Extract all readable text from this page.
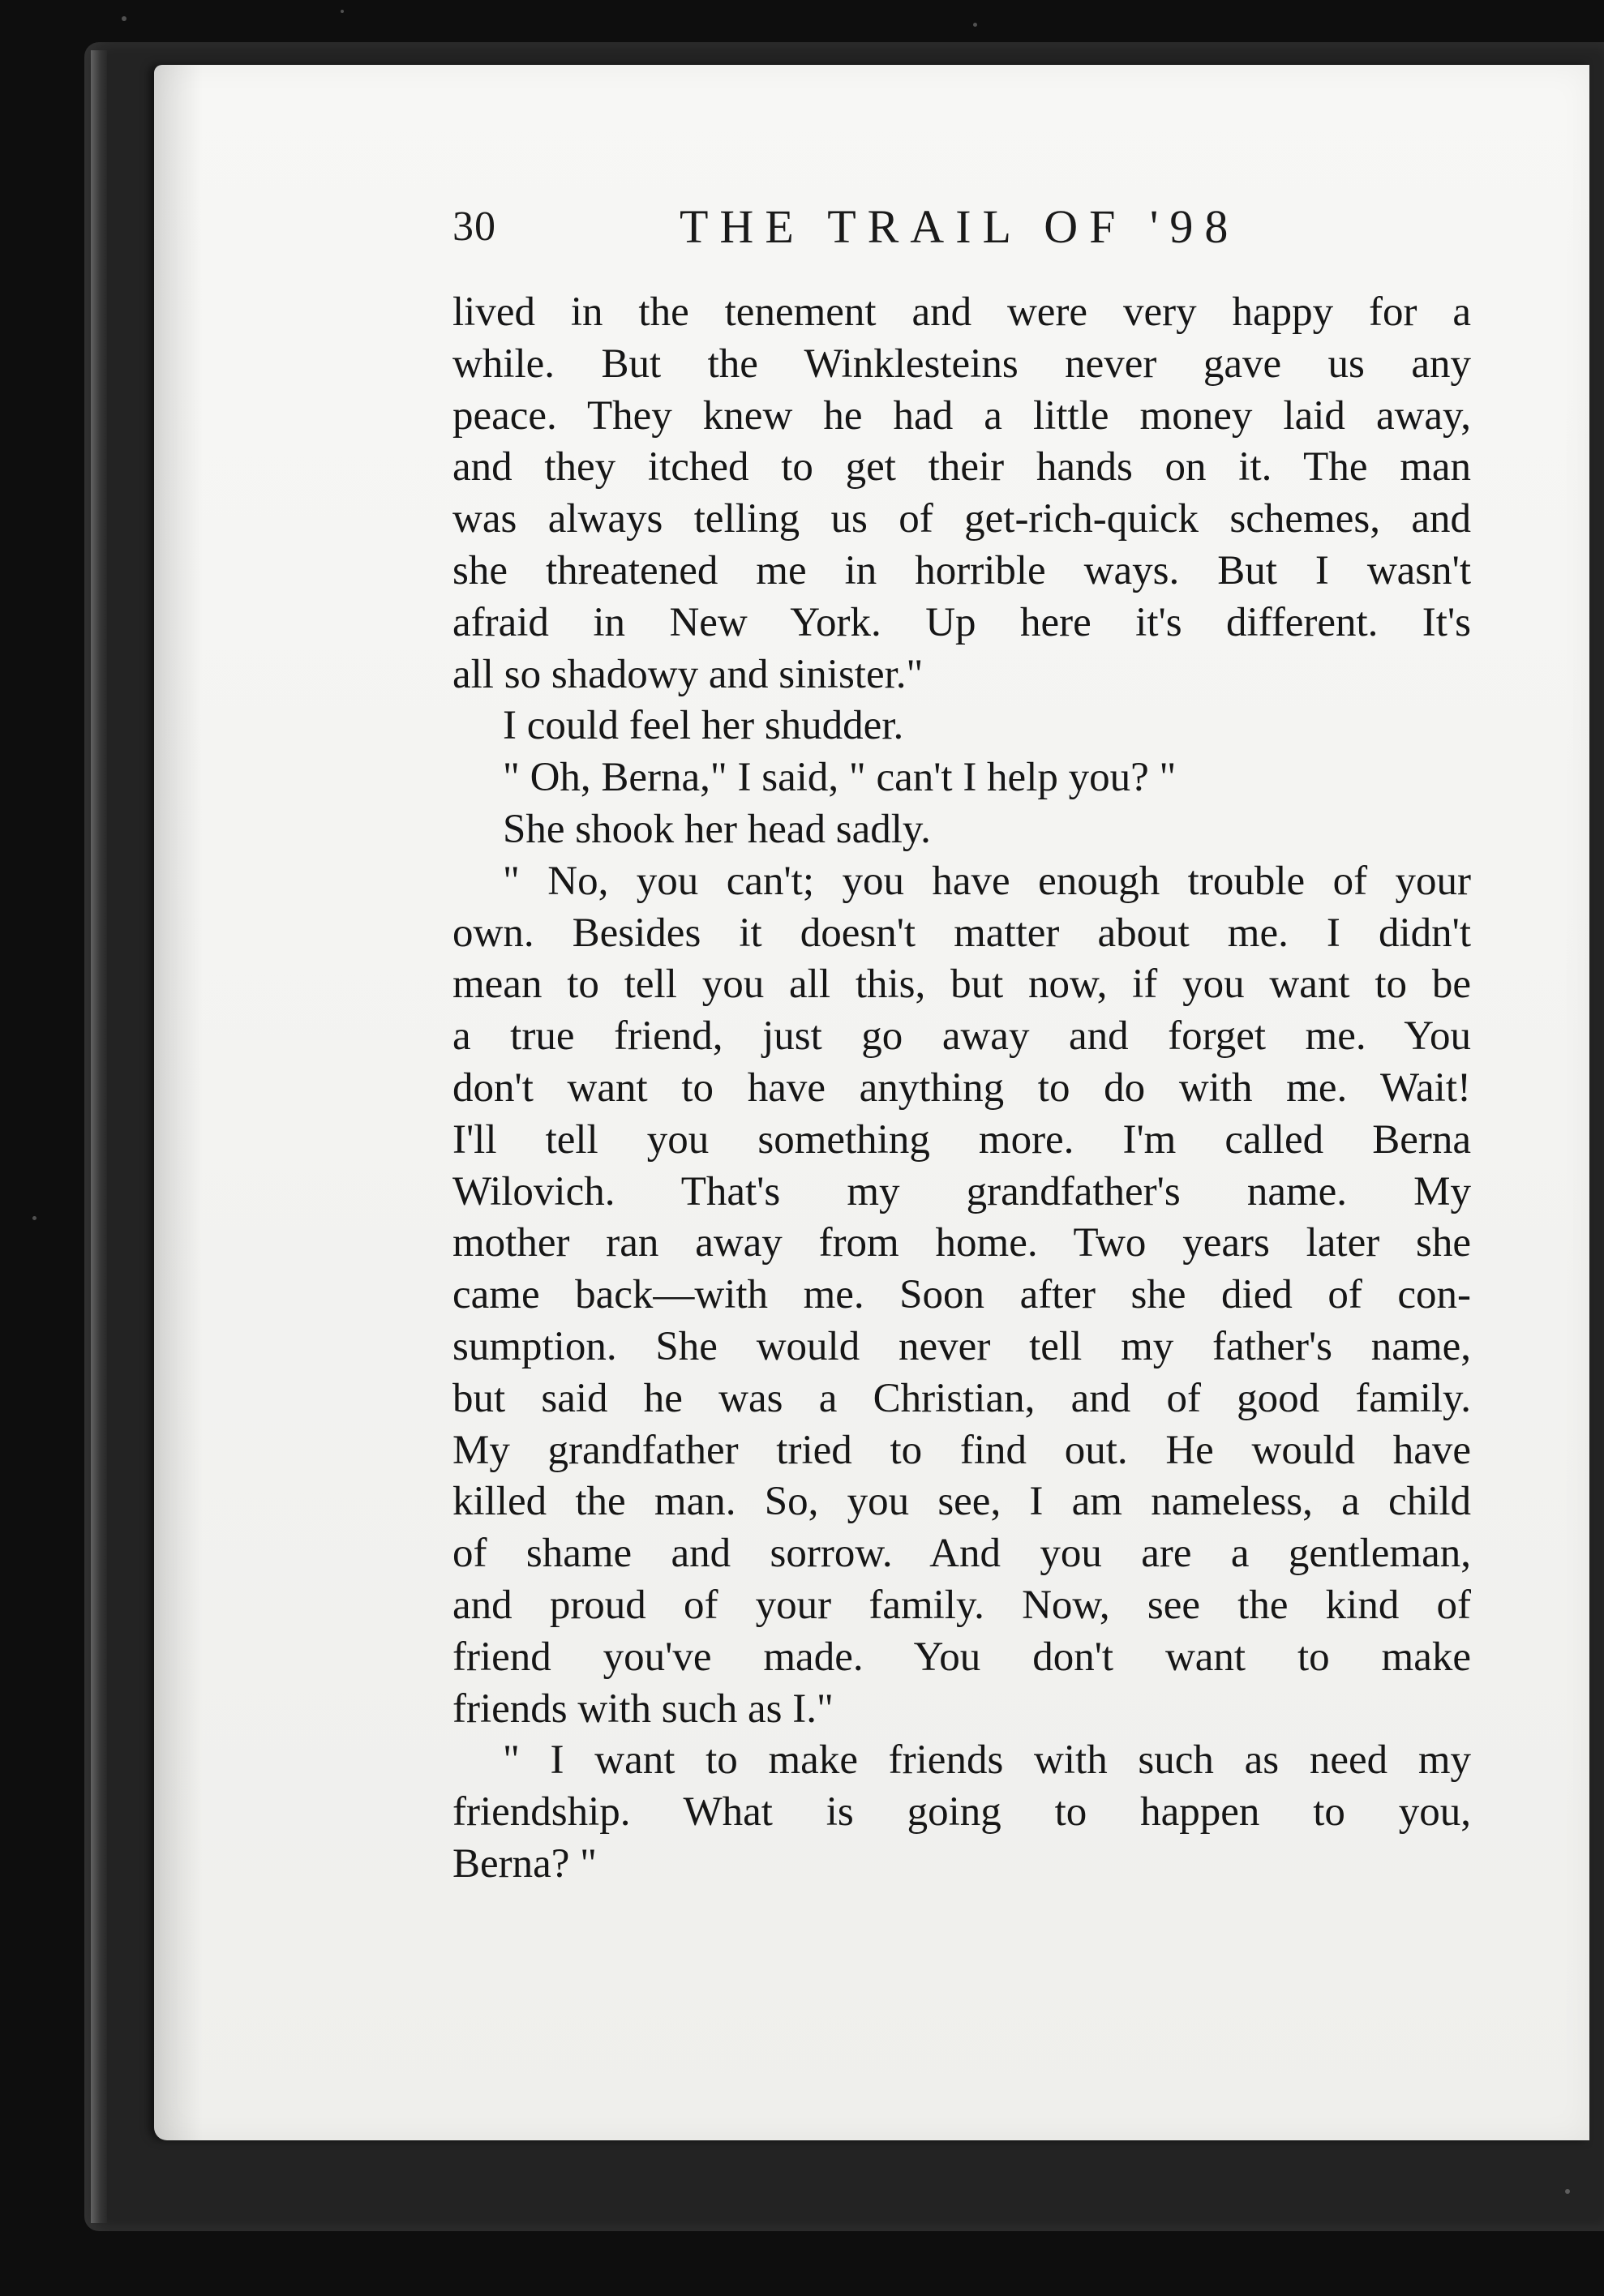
30	THE TRAIL OF '98
lived in the tenement and were very happy for a
while. But the Winklesteins never gave us any
peace. They knew he had a little money laid away,
and they itched to get their hands on it. The man
was always telling us of get-rich-quick schemes, and
she threatened me in horrible ways. But I wasn't
afraid in New York. Up here it's different. It's
all so shadowy and sinister."
I could feel her shudder.
" Oh, Berna," I said, " can't I help you? "
She shook her head sadly.
" No, you can't; you have enough trouble of your
own. Besides it doesn't matter about me. I didn't
mean to tell you all this, but now, if you want to be
a true friend, just go away and forget me. You
don't want to have anything to do with me. Wait!
I'll tell you something more. I'm called Berna
Wilovich. That's my grandfather's name. My
mother ran away from home. Two years later she
came back—with me. Soon after she died of con-
sumption. She would never tell my father's name,
but said he was a Christian, and of good family.
My grandfather tried to find out. He would have
killed the man. So, you see, I am nameless, a child
of shame and sorrow. And you are a gentleman,
and proud of your family. Now, see the kind of
friend you've made. You don't want to make
friends with such as I."
" I want to make friends with such as need my
friendship. What is going to happen to you,
Berna? "
